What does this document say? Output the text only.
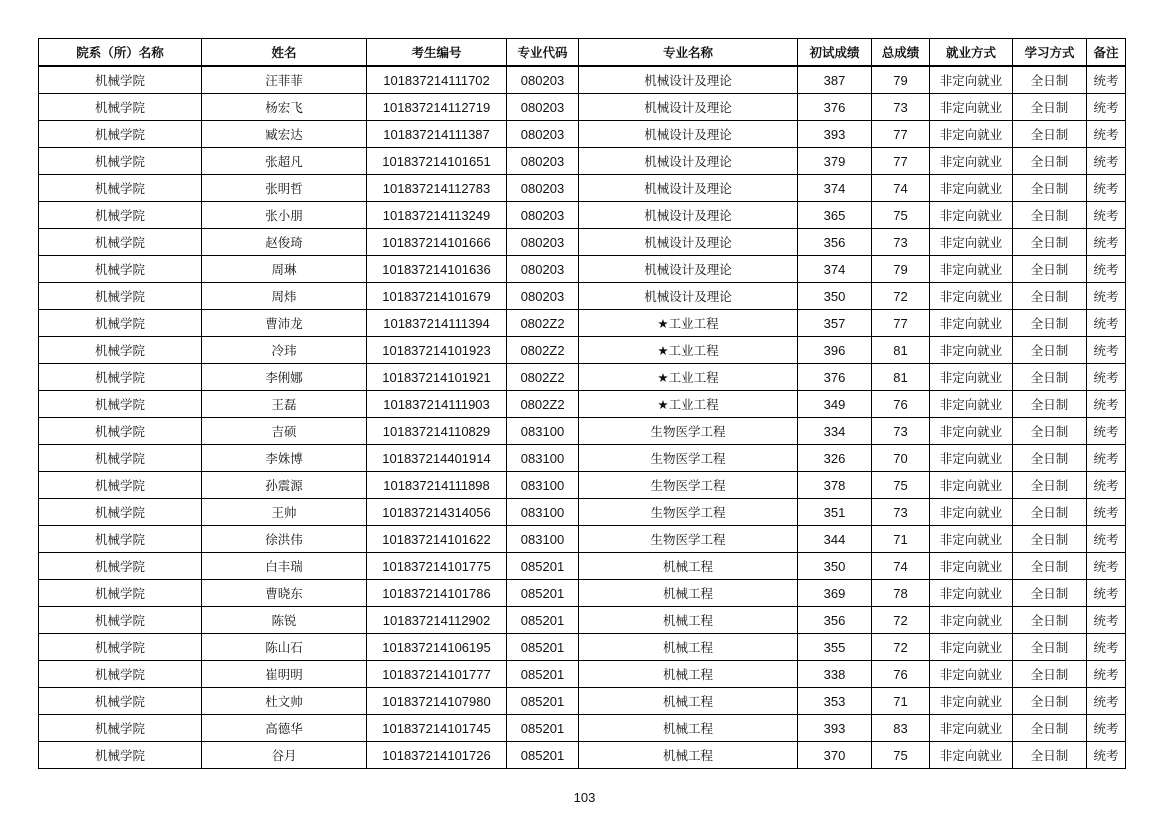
院系（所）名称	姓名	考生编号	专业代码	专业名称	初试成绩	总成绩	就业方式	学习方式	备注
机械学院	汪菲菲	101837214111702	080203	机械设计及理论	387	79	非定向就业	全日制	统考
机械学院	杨宏飞	101837214112719	080203	机械设计及理论	376	73	非定向就业	全日制	统考
机械学院	臧宏达	101837214111387	080203	机械设计及理论	393	77	非定向就业	全日制	统考
机械学院	张超凡	101837214101651	080203	机械设计及理论	379	77	非定向就业	全日制	统考
机械学院	张明哲	101837214112783	080203	机械设计及理论	374	74	非定向就业	全日制	统考
机械学院	张小朋	101837214113249	080203	机械设计及理论	365	75	非定向就业	全日制	统考
机械学院	赵俊琦	101837214101666	080203	机械设计及理论	356	73	非定向就业	全日制	统考
机械学院	周琳	101837214101636	080203	机械设计及理论	374	79	非定向就业	全日制	统考
机械学院	周炜	101837214101679	080203	机械设计及理论	350	72	非定向就业	全日制	统考
机械学院	曹沛龙	101837214111394	0802Z2	★工业工程	357	77	非定向就业	全日制	统考
机械学院	冷玮	101837214101923	0802Z2	★工业工程	396	81	非定向就业	全日制	统考
机械学院	李俐娜	101837214101921	0802Z2	★工业工程	376	81	非定向就业	全日制	统考
机械学院	王磊	101837214111903	0802Z2	★工业工程	349	76	非定向就业	全日制	统考
机械学院	吉硕	101837214110829	083100	生物医学工程	334	73	非定向就业	全日制	统考
机械学院	李姝博	101837214401914	083100	生物医学工程	326	70	非定向就业	全日制	统考
机械学院	孙震源	101837214111898	083100	生物医学工程	378	75	非定向就业	全日制	统考
机械学院	王帅	101837214314056	083100	生物医学工程	351	73	非定向就业	全日制	统考
机械学院	徐洪伟	101837214101622	083100	生物医学工程	344	71	非定向就业	全日制	统考
机械学院	白丰瑞	101837214101775	085201	机械工程	350	74	非定向就业	全日制	统考
机械学院	曹晓东	101837214101786	085201	机械工程	369	78	非定向就业	全日制	统考
机械学院	陈锐	101837214112902	085201	机械工程	356	72	非定向就业	全日制	统考
机械学院	陈山石	101837214106195	085201	机械工程	355	72	非定向就业	全日制	统考
机械学院	崔明明	101837214101777	085201	机械工程	338	76	非定向就业	全日制	统考
机械学院	杜文帅	101837214107980	085201	机械工程	353	71	非定向就业	全日制	统考
机械学院	高德华	101837214101745	085201	机械工程	393	83	非定向就业	全日制	统考
机械学院	谷月	101837214101726	085201	机械工程	370	75	非定向就业	全日制	统考
103
